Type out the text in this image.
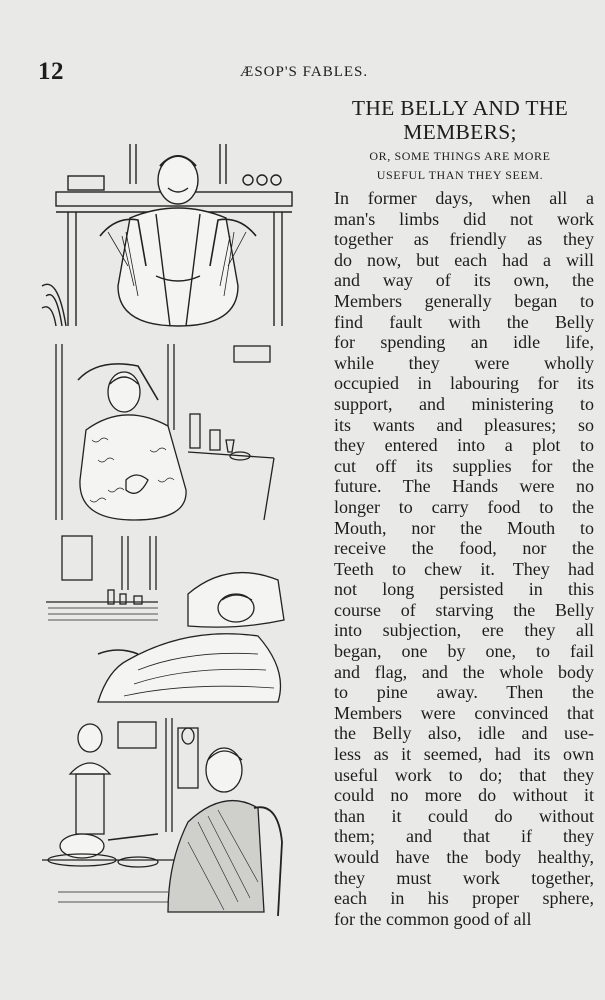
12	ÆSOP'S FABLES.
THE BELLY AND THE
MEMBERS;
OR, SOME THINGS ARE MORE
USEFUL THAN THEY SEEM.
In former days, when all a
man's limbs did not work
together as friendly as they
do now, but each had a will
and way of its own, the
Members generally began to
find fault with the Belly
for spending an idle life,
while they were wholly
occupied in labouring for its
support, and ministering to
its wants and pleasures; so
they entered into a plot to
cut off its supplies for the
future. The Hands were no
longer to carry food to the
Mouth, nor the Mouth to
receive the food, nor the
Teeth to chew it. They had
not long persisted in this
course of starving the Belly
into subjection, ere they all
began, one by one, to fail
and flag, and the whole body
to pine away. Then the
Members were convinced that
the Belly also, idle and use-
less as it seemed, had its own
useful work to do; that they
could no more do without it
than it could do without
them; and that if they
would have the body healthy,
they must work together,
each in his proper sphere,
for the common good of all
